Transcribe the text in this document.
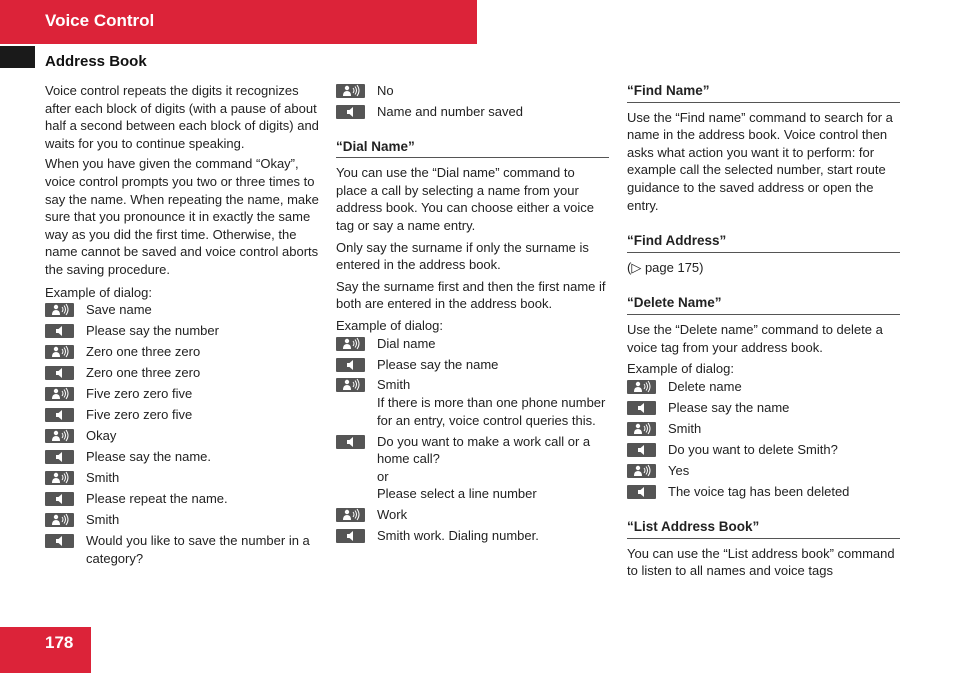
Voice Control
Address Book

Voice control repeats the digits it recognizes after each block of digits (with a pause of about half a second between each block of digits) and waits for you to continue speaking.

When you have given the command “Okay”, voice control prompts you two or three times to say the name. When repeating the name, make sure that you pronounce it in exactly the same way as you did the first time. Otherwise, the name cannot be saved and voice control aborts the saving procedure.

Example of dialog:

Save name
Please say the number
Zero one three zero
Zero one three zero
Five zero zero five
Five zero zero five
Okay
Please say the name.
Smith
Please repeat the name.
Smith
Would you like to save the number in a category?
No
Name and number saved
“Dial Name”

You can use the “Dial name” command to place a call by selecting a name from your address book. You can choose either a voice tag or say a name entry.

Only say the surname if only the surname is entered in the address book.

Say the surname first and then the first name if both are entered in the address book.

Example of dialog:

Dial name
Please say the name
Smith
If there is more than one phone number for an entry, voice control queries this.
Do you want to make a work call or a home call?
or
Please select a line number
Work
Smith work. Dialing number.
“Find Name”

Use the “Find name” command to search for a name in the address book. Voice control then asks what action you want it to perform: for example call the selected number, start route guidance to the saved address or open the entry.

“Find Address”

(▷ page 175)

“Delete Name”

Use the “Delete name” command to delete a voice tag from your address book.

Example of dialog:

Delete name
Please say the name
Smith
Do you want to delete Smith?
Yes
The voice tag has been deleted
“List Address Book”

You can use the “List address book” command to listen to all names and voice tags

178
